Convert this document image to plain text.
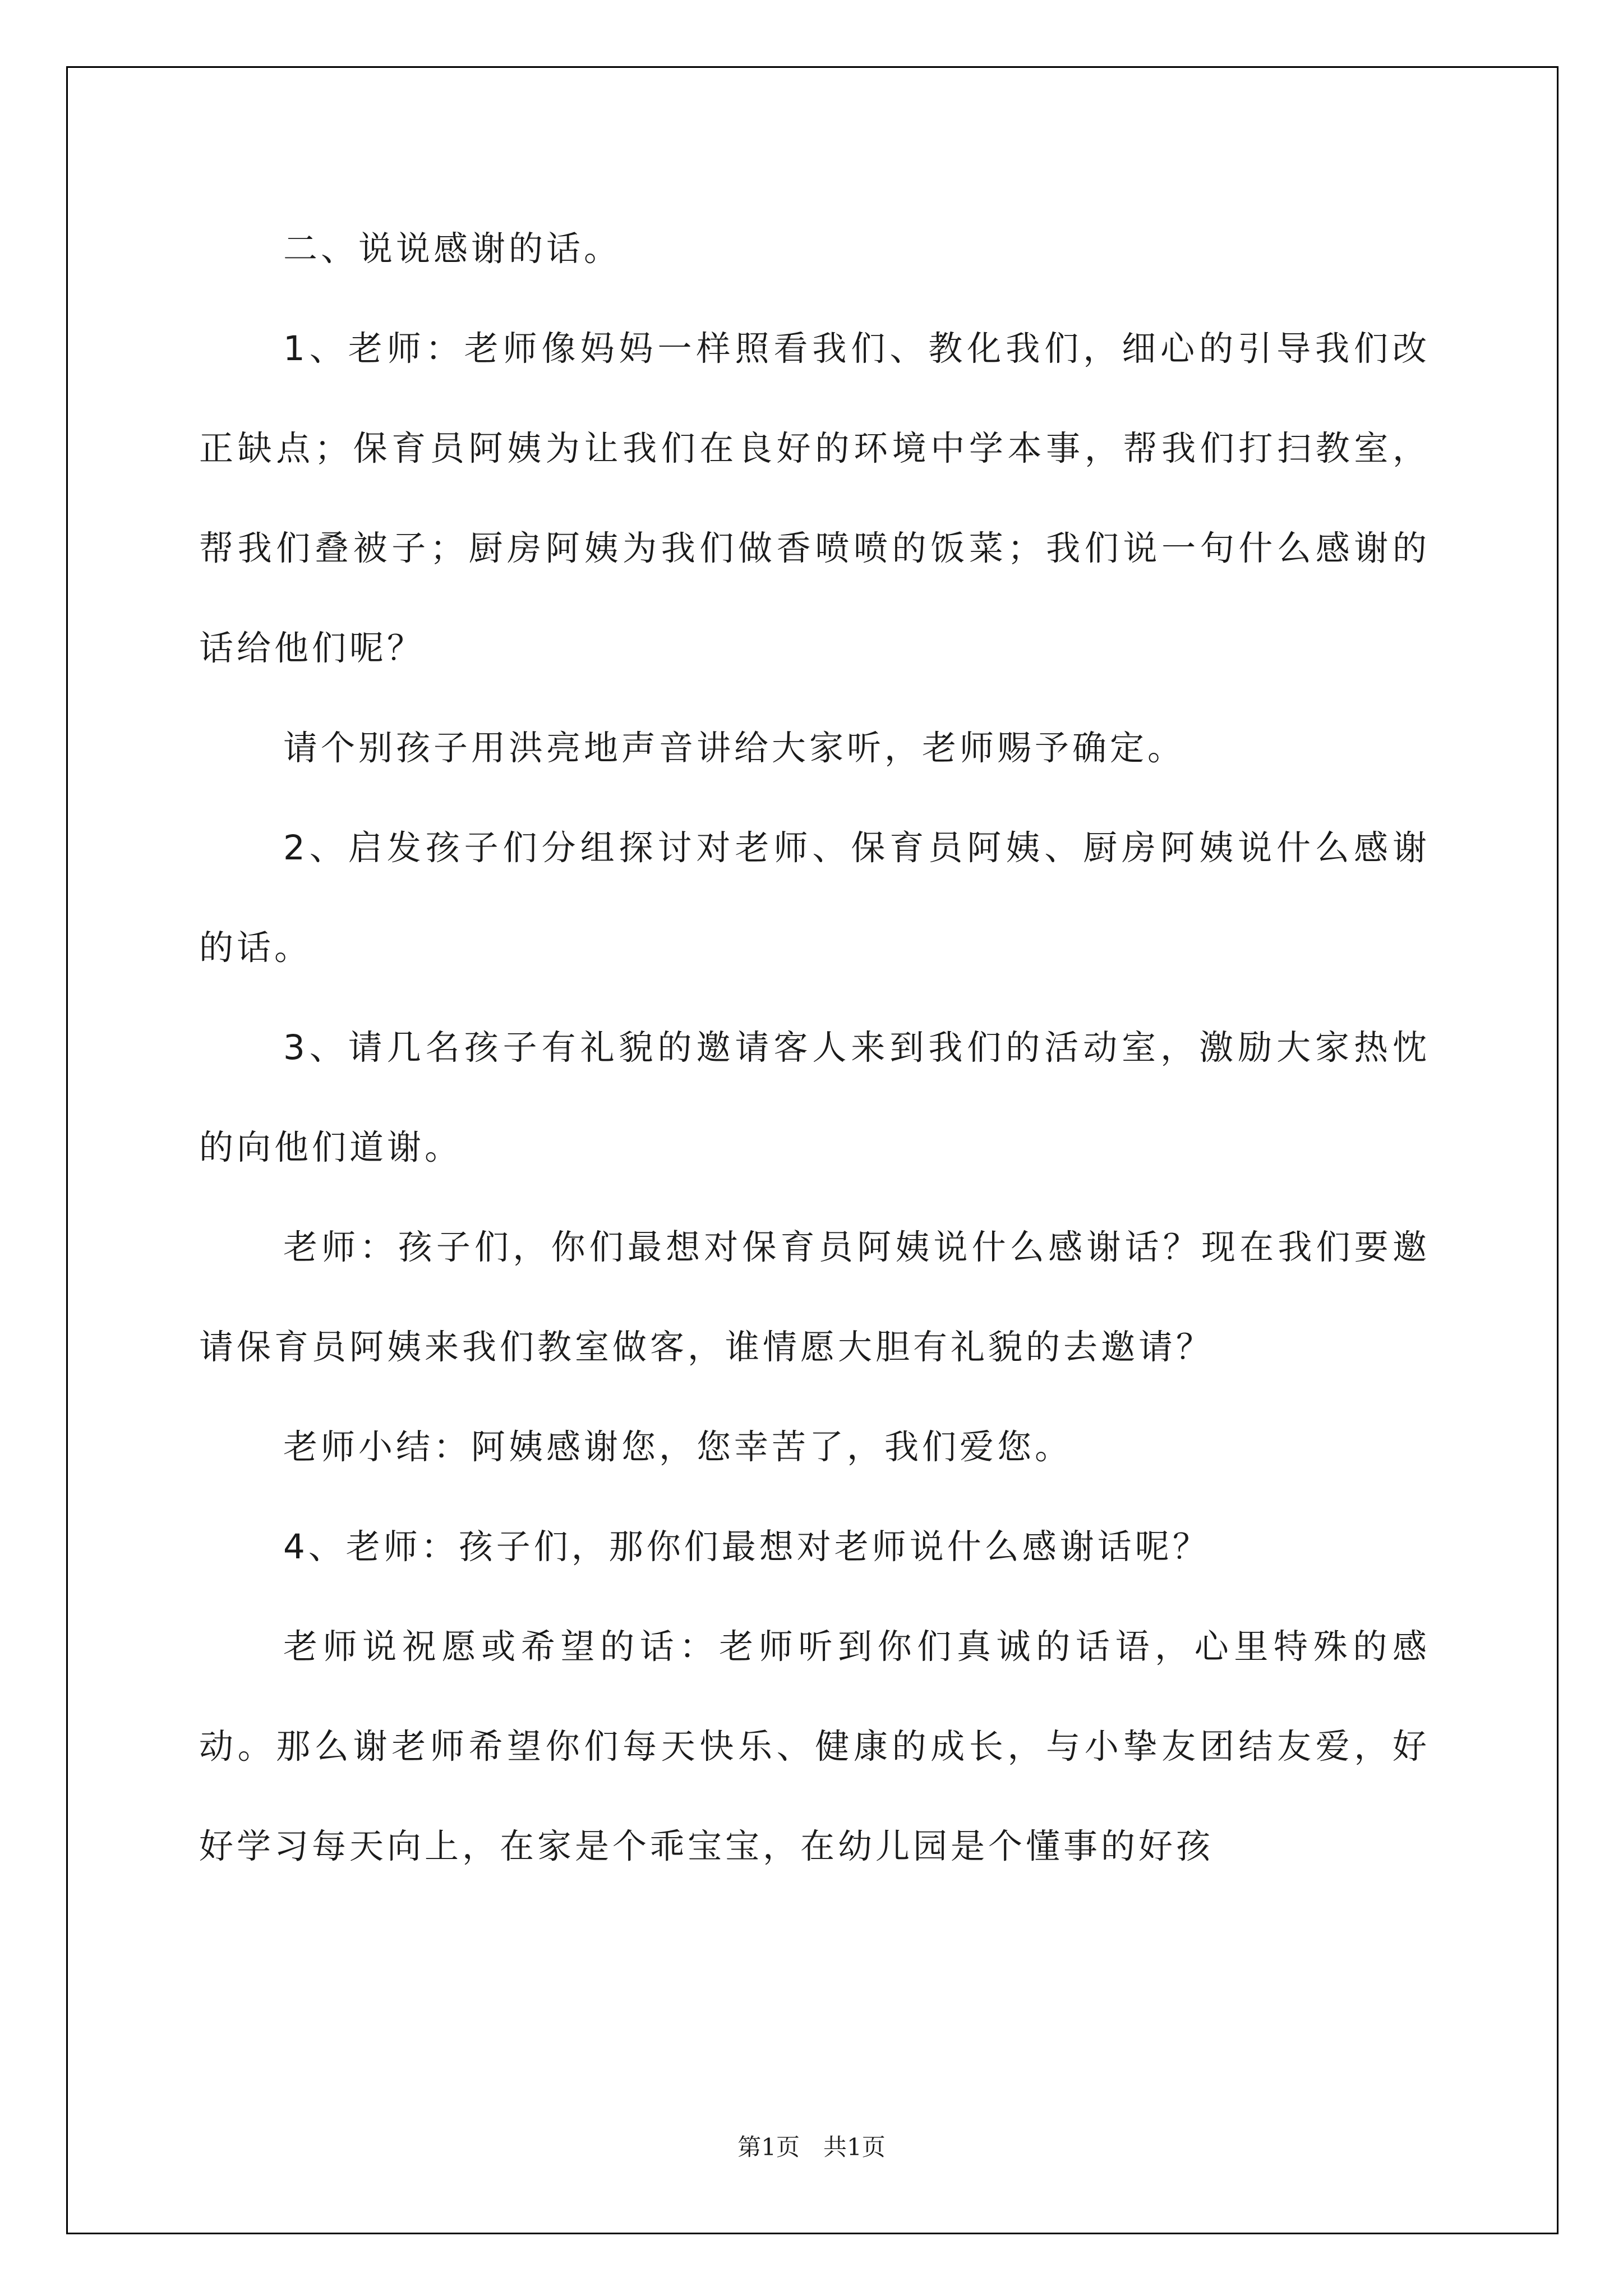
二、说说感谢的话。

1、老师：老师像妈妈一样照看我们、教化我们，细心的引导我们改正缺点；保育员阿姨为让我们在良好的环境中学本事，帮我们打扫教室，帮我们叠被子；厨房阿姨为我们做香喷喷的饭菜；我们说一句什么感谢的话给他们呢？

请个别孩子用洪亮地声音讲给大家听，老师赐予确定。

2、启发孩子们分组探讨对老师、保育员阿姨、厨房阿姨说什么感谢的话。

3、请几名孩子有礼貌的邀请客人来到我们的活动室，激励大家热忱的向他们道谢。

老师：孩子们，你们最想对保育员阿姨说什么感谢话？现在我们要邀请保育员阿姨来我们教室做客，谁情愿大胆有礼貌的去邀请？

老师小结：阿姨感谢您，您幸苦了，我们爱您。

4、老师：孩子们，那你们最想对老师说什么感谢话呢？

老师说祝愿或希望的话：老师听到你们真诚的话语，心里特殊的感动。那么谢老师希望你们每天快乐、健康的成长，与小挚友团结友爱，好好学习每天向上，在家是个乖宝宝，在幼儿园是个懂事的好孩

第1页　共1页
